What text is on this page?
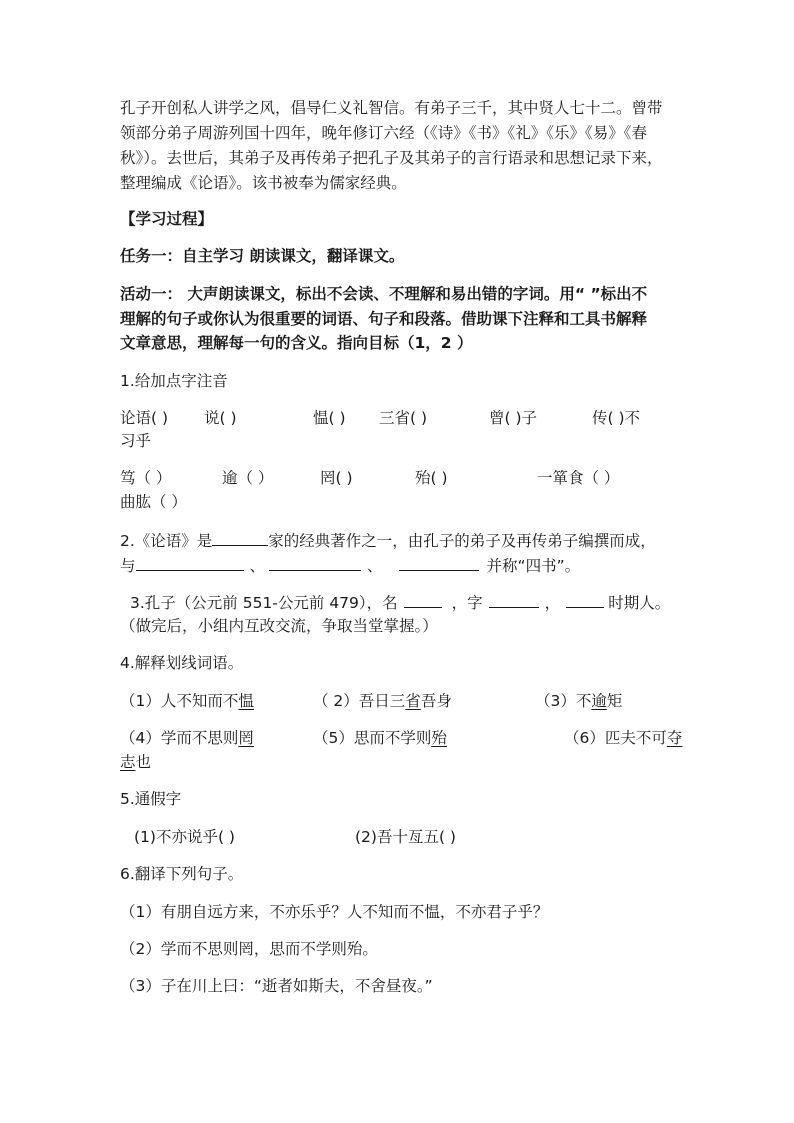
孔子开创私人讲学之风，倡导仁义礼智信。有弟子三千，其中贤人七十二。曾带
领部分弟子周游列国十四年，晚年修订六经（《诗》《书》《礼》《乐》《易》《春
秋》）。去世后，其弟子及再传弟子把孔子及其弟子的言行语录和思想记录下来，
整理编成《论语》。该书被奉为儒家经典。
【学习过程】
任务一：自主学习 朗读课文，翻译课文。
活动一： 大声朗读课文，标出不会读、不理解和易出错的字词。用“ ”标出不
理解的句子或你认为很重要的词语、句子和段落。借助课下注释和工具书解释
文章意思，理解每一句的含义。指向目标（1，2 ）
1.给加点字注音
论语( ) 说( )	愠( ) 三省( )	曾( )子	传( )不
习乎
笃（ ）	逾（ ）	罔( )	殆( )	一箪食（ ）
曲肱（ ）
2.《论语》是	家的经典著作之一，由孔子的弟子及再传弟子编撰而成，
与	、	、	并称“四书”。
3.孔子（公元前 551-公元前 479），名	，字	，	时期人。
（做完后，小组内互改交流，争取当堂掌握。）
4.解释划线词语。
（1）人不知而不愠	（ 2）吾日三省吾身	（3）不逾矩
（4）学而不思则罔	（5）思而不学则殆	（6）匹夫不可夺
志也
5.通假字
(1)不亦说乎( )	(2)吾十亙五( )
6.翻译下列句子。
（1）有朋自远方来，不亦乐乎？人不知而不愠，不亦君子乎？
（2）学而不思则罔，思而不学则殆。
（3）子在川上曰：“逝者如斯夫，不舍昼夜。”
